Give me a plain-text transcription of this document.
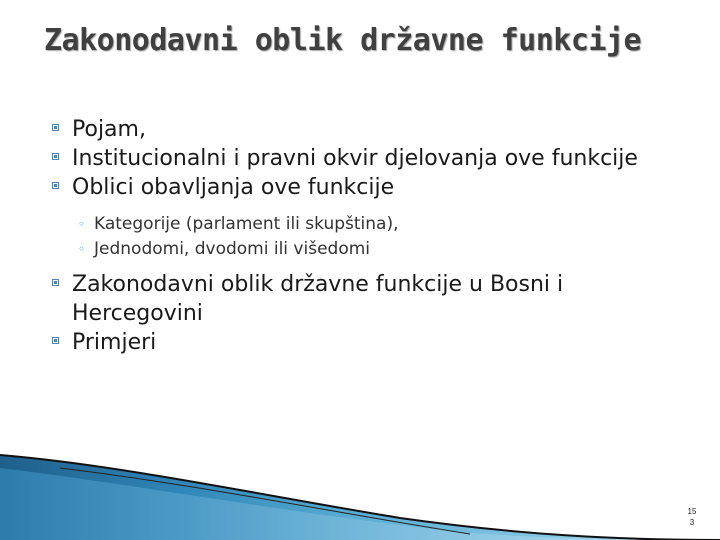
Zakonodavni oblik državne funkcije
Pojam,
Institucionalni i pravni okvir djelovanja ove funkcije
Oblici obavljanja ove funkcije
◦ Kategorije (parlament ili skupština),
◦ Jednodomi, dvodomi ili višedomi
Zakonodavni oblik državne funkcije u Bosni i Hercegovini
Primjeri
15
3
